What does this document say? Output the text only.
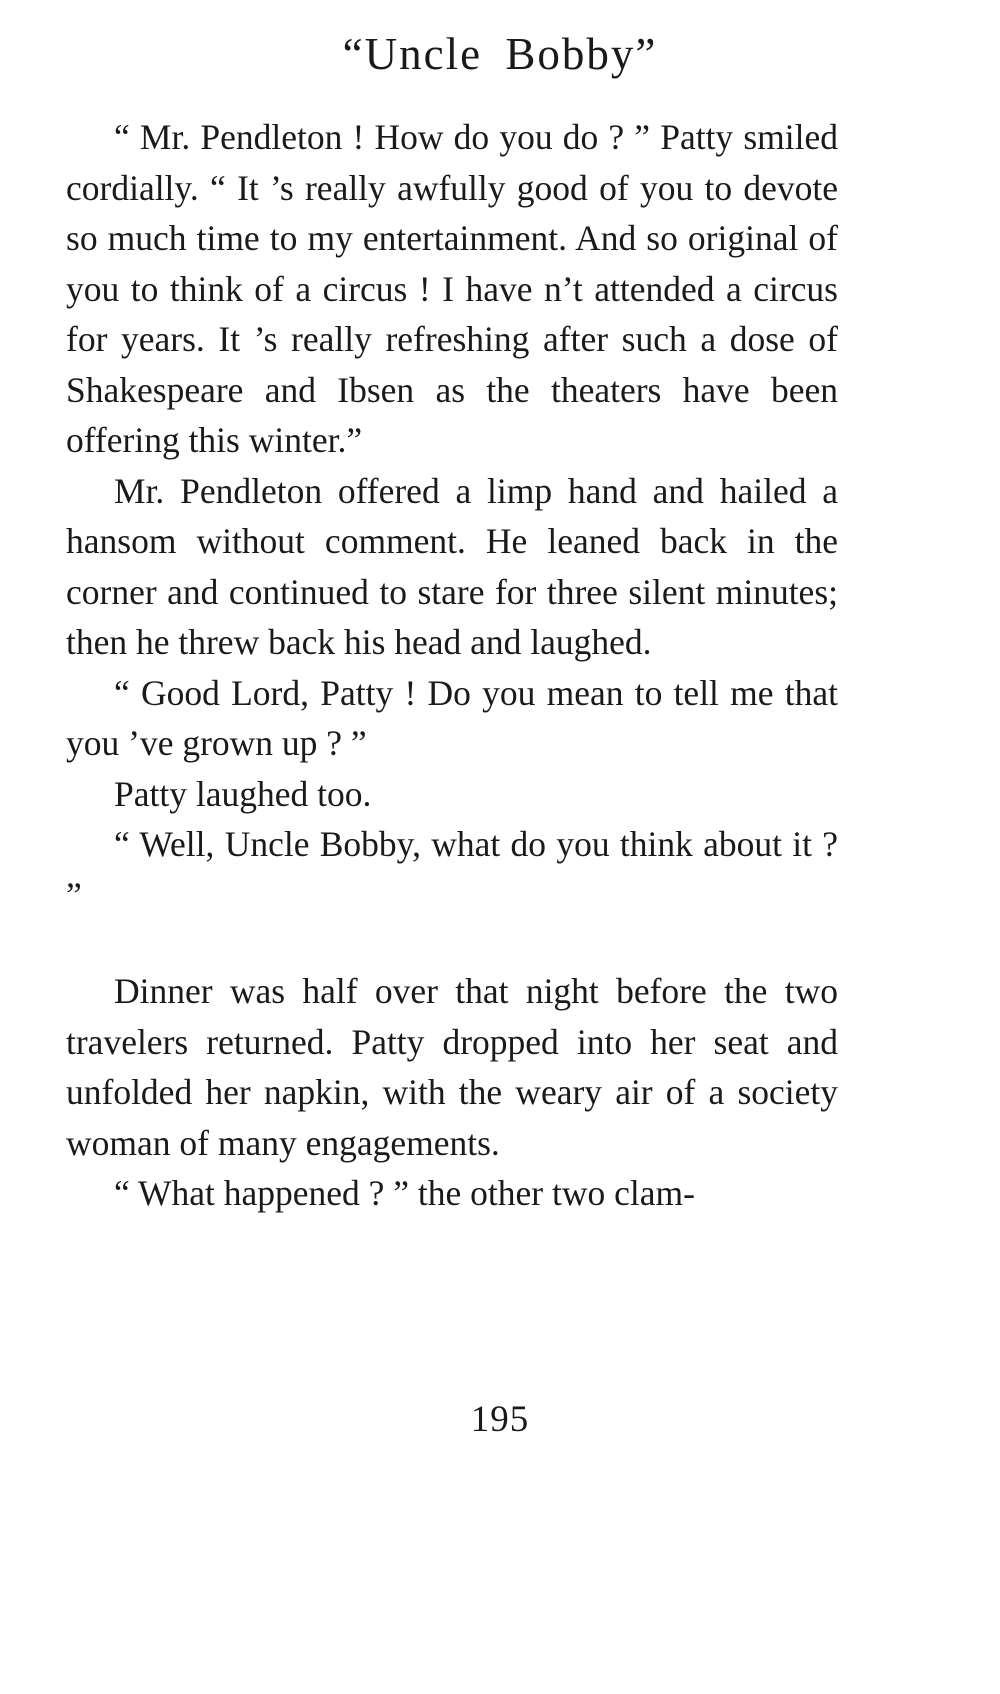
“Uncle Bobby”

“ Mr. Pendleton ! How do you do ? ” Patty smiled cordially. “ It ’s really awfully good of you to devote so much time to my entertainment. And so original of you to think of a circus ! I have n’t attended a circus for years. It ’s really refreshing after such a dose of Shakespeare and Ibsen as the theaters have been offering this winter.”

Mr. Pendleton offered a limp hand and hailed a hansom without comment. He leaned back in the corner and continued to stare for three silent minutes; then he threw back his head and laughed.

“ Good Lord, Patty ! Do you mean to tell me that you ’ve grown up ? ”

Patty laughed too.

“ Well, Uncle Bobby, what do you think about it ? ”

Dinner was half over that night before the two travelers returned. Patty dropped into her seat and unfolded her napkin, with the weary air of a society woman of many engagements.

“ What happened ? ” the other two clam-

195
